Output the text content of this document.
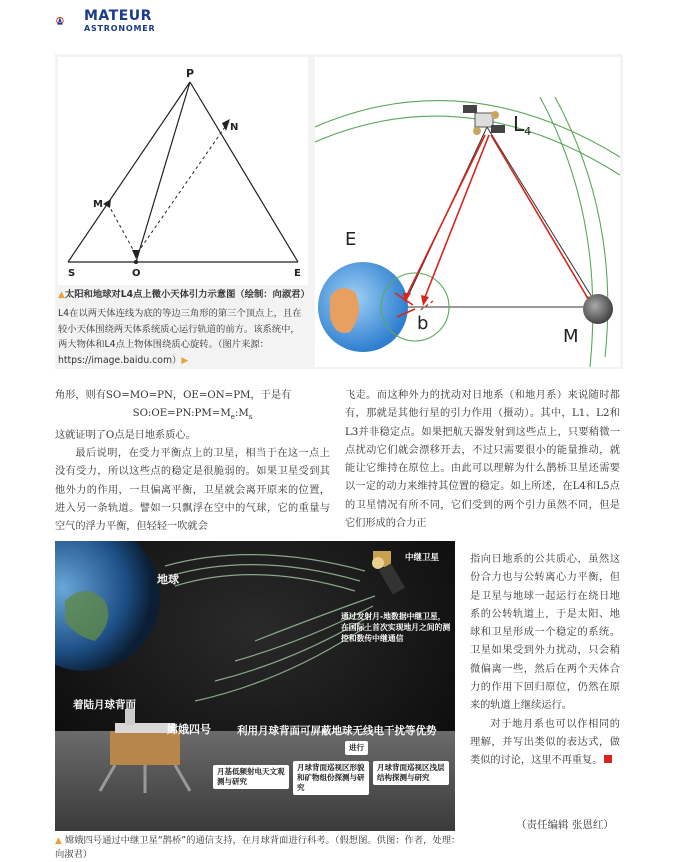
MATEUR
ASTRONOMER
P
N
M
S	O	E
▲太阳和地球对L4点上微小天体引力示意图（绘制：向淑君）
L4在以两天体连线为底的等边三角形的第三个顶点上，且在较小天体围绕两天体系统质心运行轨道的前方。该系统中，两大物体和L4点上物体围绕质心旋转。（图片来源：https://image.baidu.com）▶
$L_4$
E
b
M

角形，则有SO=MO=PN，OE=ON=PM，于是有

$SO:OE=PN:PM=M_e:M_s$

这就证明了O点是日地系质心。

最后说明，在受力平衡点上的卫星，相当于在这一点上没有受力，所以这些点的稳定是很脆弱的。如果卫星受到其他外力的作用，一旦偏离平衡，卫星就会离开原来的位置，进入另一条轨道。譬如一只飘浮在空中的气球，它的重量与空气的浮力平衡，但轻轻一吹就会

飞走。而这种外力的扰动对日地系（和地月系）来说随时都有，那就是其他行星的引力作用（摄动）。其中，L1、L2和L3并非稳定点。如果把航天器发射到这些点上，只要稍微一点扰动它们就会漂移开去，不过只需要很小的能量推动，就能让它维持在原位上。由此可以理解为什么鹊桥卫星还需要以一定的动力来维持其位置的稳定。如上所述，在L4和L5点的卫星情况有所不同，它们受到的两个引力虽然不同，但是它们形成的合力正

指向日地系的公共质心，虽然这份合力也与公转离心力平衡，但是卫星与地球一起运行在绕日地系的公转轨道上，于是太阳、地球和卫星形成一个稳定的系统。卫星如果受到外力扰动，只会稍微偏离一些，然后在两个天体合力的作用下回归原位，仍然在原来的轨道上继续运行。

对于地月系也可以作相同的理解，并写出类似的表达式，做类似的讨论，这里不再重复。

地球
中继卫星
通过发射月-地数据中继卫星，在国际上首次实现地月之间的测控和数传中继通信
着陆月球背面
嫦娥四号 利用月球背面可屏蔽地球无线电干扰等优势
进行
月基低频射电天文观测与研究
月球背面巡视区形貌和矿物组份探测与研究
月球背面巡视区浅层结构探测与研究
▲ 嫦娥四号通过中继卫星“鹊桥”的通信支持，在月球背面进行科考。（假想图。供图：作者，处理：向淑君）
（责任编辑 张恩红）
